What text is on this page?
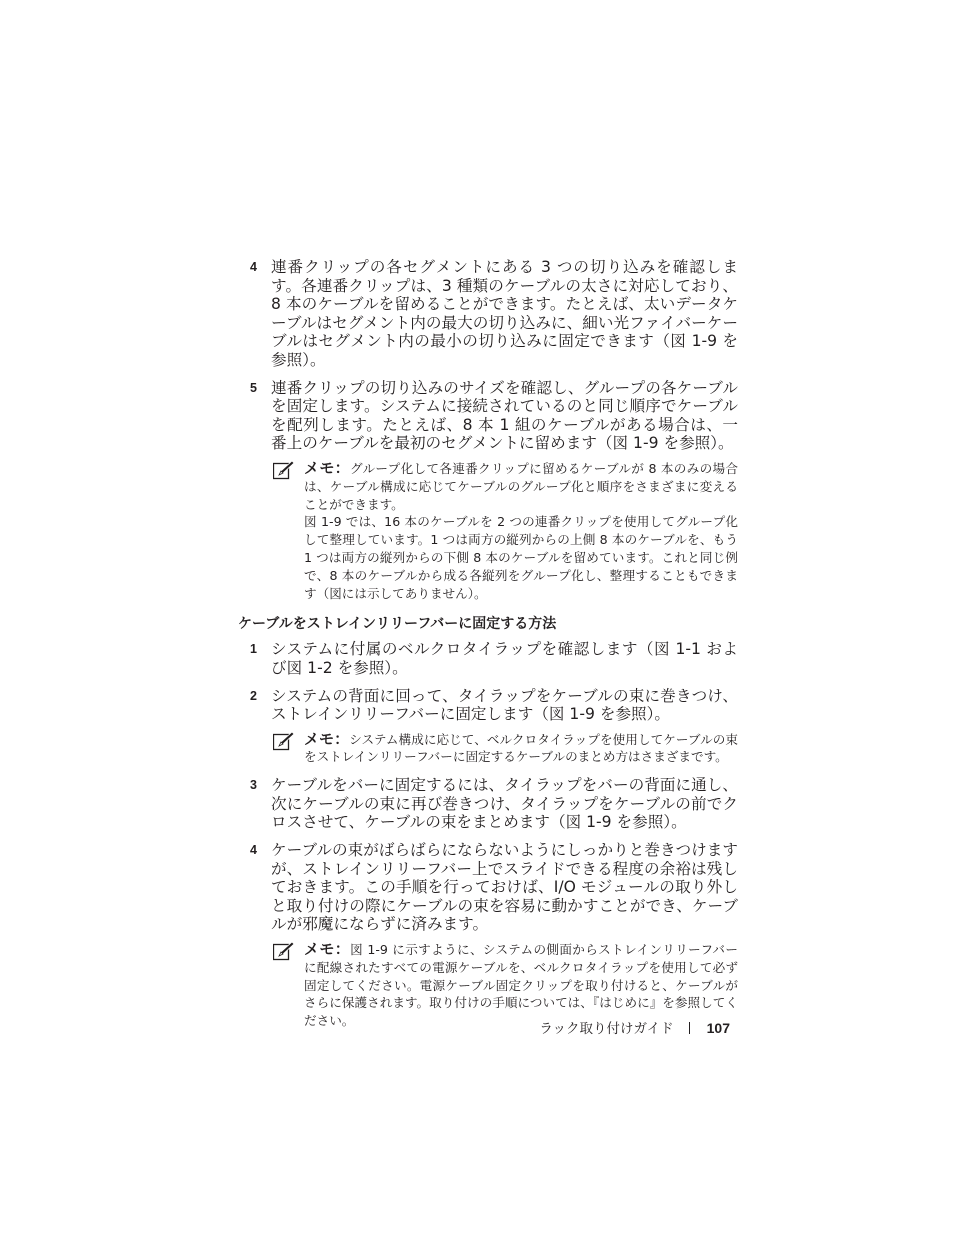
4 連番クリップの各セグメントにある 3 つの切り込みを確認します。各連番クリップは、3 種類のケーブルの太さに対応しており、8 本のケーブルを留めることができます。たとえば、太いデータケーブルはセグメント内の最大の切り込みに、細い光ファイバーケーブルはセグメント内の最小の切り込みに固定できます（図 1-9 を参照）。
5 連番クリップの切り込みのサイズを確認し、グループの各ケーブルを固定します。システムに接続されているのと同じ順序でケーブルを配列します。たとえば、8 本 1 組のケーブルがある場合は、一番上のケーブルを最初のセグメントに留めます（図 1-9 を参照）。
メモ：グループ化して各連番クリップに留めるケーブルが 8 本のみの場合は、ケーブル構成に応じてケーブルのグループ化と順序をさまざまに変えることができます。
図 1-9 では、16 本のケーブルを 2 つの連番クリップを使用してグループ化して整理しています。1 つは両方の縦列からの上側 8 本のケーブルを、もう 1 つは両方の縦列からの下側 8 本のケーブルを留めています。これと同じ例で、8 本のケーブルから成る各縦列をグループ化し、整理することもできます（図には示してありません）。
ケーブルをストレインリリーフバーに固定する方法
1 システムに付属のベルクロタイラップを確認します（図 1-1 および図 1-2 を参照）。
2 システムの背面に回って、タイラップをケーブルの束に巻きつけ、ストレインリリーフバーに固定します（図 1-9 を参照）。
メモ：システム構成に応じて、ベルクロタイラップを使用してケーブルの束をストレインリリーフバーに固定するケーブルのまとめ方はさまざまです。
3 ケーブルをバーに固定するには、タイラップをバーの背面に通し、次にケーブルの束に再び巻きつけ、タイラップをケーブルの前でクロスさせて、ケーブルの束をまとめます（図 1-9 を参照）。
4 ケーブルの束がばらばらにならないようにしっかりと巻きつけますが、ストレインリリーフバー上でスライドできる程度の余裕は残しておきます。この手順を行っておけば、I/O モジュールの取り外しと取り付けの際にケーブルの束を容易に動かすことができ、ケーブルが邪魔にならずに済みます。
メモ：図 1-9 に示すように、システムの側面からストレインリリーフバーに配線されたすべての電源ケーブルを、ベルクロタイラップを使用して必ず固定してください。電源ケーブル固定クリップを取り付けると、ケーブルがさらに保護されます。取り付けの手順については、『はじめに』を参照してください。
ラック取り付けガイド 107
